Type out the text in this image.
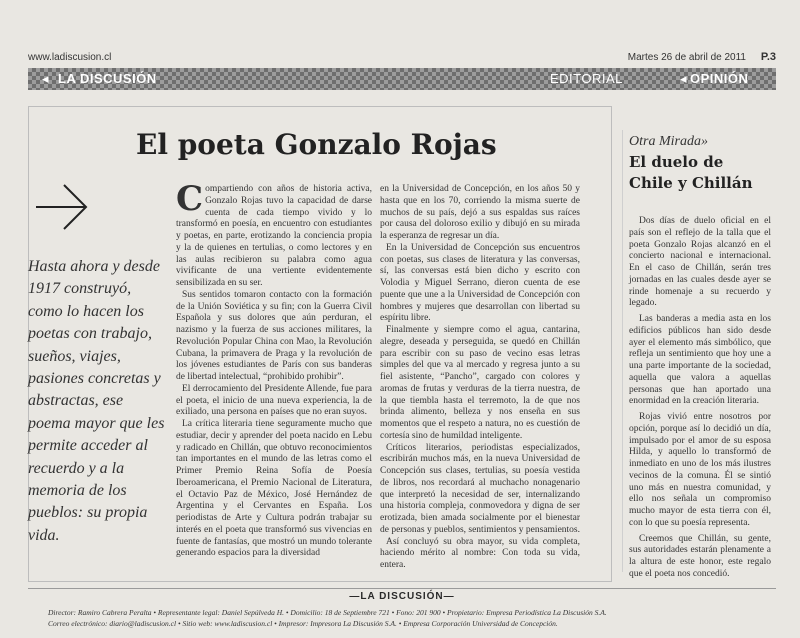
www.ladiscusion.cl	Martes 26 de abril de 2011 P.3
◂ LA DISCUSIÓN	EDITORIAL	◂ OPINIÓN
El poeta Gonzalo Rojas
Hasta ahora y desde 1917 construyó, como lo hacen los poetas con trabajo, sueños, viajes, pasiones concretas y abstractas, ese poema mayor que les permite acceder al recuerdo y a la memoria de los pueblos: su propia vida.

Compartiendo con años de historia activa, Gonzalo Rojas tuvo la capacidad de darse cuenta de cada tiempo vivido y lo transformó en poesía, en encuentro con estudiantes y poetas, en parte, erotizando la conciencia propia y la de quienes en tertulias, o como lectores y en las aulas recibieron su palabra como agua vivificante de una vertiente evidentemente sensibilizada en su ser.

Sus sentidos tomaron contacto con la formación de la Unión Soviética y su fin; con la Guerra Civil Española y sus dolores que aún perduran, el nazismo y la fuerza de sus acciones militares, la Revolución Popular China con Mao, la Revolución Cubana, la primavera de Praga y la revolución de los jóvenes estudiantes de París con sus banderas de libertad intelectual, “prohibido prohibir”.

El derrocamiento del Presidente Allende, fue para el poeta, el inicio de una nueva experiencia, la de exiliado, una persona en países que no eran suyos.

La crítica literaria tiene seguramente mucho que estudiar, decir y aprender del poeta nacido en Lebu y radicado en Chillán, que obtuvo reconocimientos tan importantes en el mundo de las letras como el Primer Premio Reina Sofía de Poesía Iberoamericana, el Premio Nacional de Literatura, el Octavio Paz de México, José Hernández de Argentina y el Cervantes en España. Los periodistas de Arte y Cultura podrán trabajar su interés en el poeta que transformó sus vivencias en fuente de fantasías, que mostró un mundo tolerante generando espacios para la diversidad

en la Universidad de Concepción, en los años 50 y hasta que en los 70, corriendo la misma suerte de muchos de su país, dejó a sus espaldas sus raíces por causa del doloroso exilio y dibujó en su mirada la esperanza de regresar un día.

En la Universidad de Concepción sus encuentros con poetas, sus clases de literatura y las conversas, sí, las conversas está bien dicho y escrito con Volodia y Miguel Serrano, dieron cuenta de ese puente que une a la Universidad de Concepción con hombres y mujeres que desarrollan con libertad su espíritu libre.

Finalmente y siempre como el agua, cantarina, alegre, deseada y perseguida, se quedó en Chillán para escribir con su paso de vecino esas letras simples del que va al mercado y regresa junto a su fiel asistente, “Pancho”, cargado con colores y aromas de frutas y verduras de la tierra nuestra, de la que tiembla hasta el terremoto, la de que nos brinda alimento, belleza y nos enseña en sus momentos que el respeto a natura, no es cuestión de cortesía sino de humildad inteligente.

Críticos literarios, periodistas especializados, escribirán muchos más, en la nueva Universidad de Concepción sus clases, tertulias, su poesía vestida de libros, nos recordará al muchacho nonagenario que interpretó la necesidad de ser, internalizando una historia compleja, conmovedora y digna de ser erotizada, bien amada socialmente por el bienestar de personas y pueblos, sentimientos y pensamientos.

Así concluyó su obra mayor, su vida completa, haciendo mérito al nombre: Con toda su vida, entera.

Otra Mirada»
El duelo de Chile y Chillán

Dos días de duelo oficial en el país son el reflejo de la talla que el poeta Gonzalo Rojas alcanzó en el concierto nacional e internacional. En el caso de Chillán, serán tres jornadas en las cuales desde ayer se rinde homenaje a su recuerdo y legado.

Las banderas a media asta en los edificios públicos han sido desde ayer el elemento más simbólico, que refleja un sentimiento que hoy une a una parte importante de la sociedad, aquella que valora a aquellas personas que han aportado una enormidad en la creación literaria.

Rojas vivió entre nosotros por opción, porque así lo decidió un día, impulsado por el amor de su esposa Hilda, y aquello lo transformó de inmediato en uno de los más ilustres vecinos de la comuna. Él se sintió uno más en nuestra comunidad, y ello nos señala un compromiso mucho mayor de esta tierra con él, con lo que su poesía representa.

Creemos que Chillán, su gente, sus autoridades estarán plenamente a la altura de este honor, este regalo que el poeta nos concedió.

—LA DISCUSIÓN—
Director: Ramiro Cabrera Peralta • Representante legal: Daniel Sepúlveda H. • Domicilio: 18 de Septiembre 721 • Fono: 201 900 • Propietario: Empresa Periodística La Discusión S.A.
Correo electrónico: diario@ladiscusion.cl • Sitio web: www.ladiscusion.cl • Impresor: Impresora La Discusión S.A. • Empresa Corporación Universidad de Concepción.
